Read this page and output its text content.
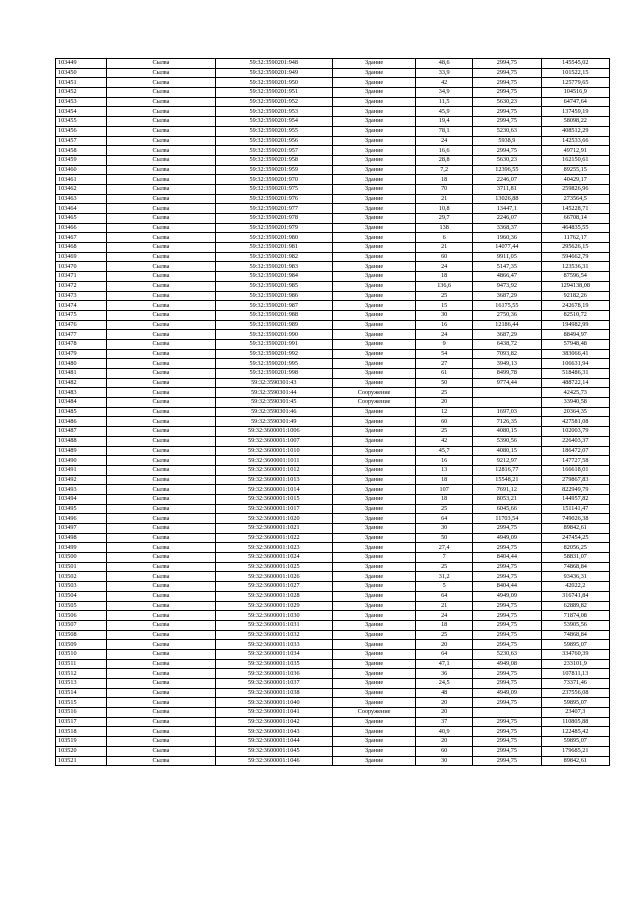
103449	Сылва	59:32:3590201:948	Здание	48,6	2994,75	145545,02
103450	Сылва	59:32:3590201:949	Здание	33,9	2994,75	101522,15
103451	Сылва	59:32:3590201:950	Здание	42	2994,75	125779,65
103452	Сылва	59:32:3590201:951	Здание	34,9	2994,75	104516,9
103453	Сылва	59:32:3590201:952	Здание	11,5	5630,23	64747,64
103454	Сылва	59:32:3590201:953	Здание	45,9	2994,75	137459,19
103455	Сылва	59:32:3590201:954	Здание	19,4	2994,75	58098,22
103456	Сылва	59:32:3590201:955	Здание	78,1	5230,63	408512,29
103457	Сылва	59:32:3590201:956	Здание	24	5938,9	142533,66
103458	Сылва	59:32:3590201:957	Здание	16,6	2994,75	49712,91
103459	Сылва	59:32:3590201:958	Здание	28,8	5630,23	162150,61
103460	Сылва	59:32:3590201:959	Здание	7,2	12396,55	89255,15
103461	Сылва	59:32:3590201:970	Здание	18	2246,07	40429,17
103462	Сылва	59:32:3590201:975	Здание	70	3711,81	259826,96
103463	Сылва	59:32:3590201:976	Здание	21	13026,88	273564,5
103464	Сылва	59:32:3590201:977	Здание	10,8	13447,1	145228,71
103465	Сылва	59:32:3590201:978	Здание	29,7	2246,07	66708,14
103466	Сылва	59:32:3590201:979	Здание	138	3368,37	464835,55
103467	Сылва	59:32:3590201:980	Здание	6	1960,36	11762,17
103468	Сылва	59:32:3590201:981	Здание	21	14077,44	295626,15
103469	Сылва	59:32:3590201:982	Здание	60	9911,05	594662,79
103470	Сылва	59:32:3590201:983	Здание	24	5147,35	123536,31
103471	Сылва	59:32:3590201:984	Здание	18	4866,47	87596,54
103472	Сылва	59:32:3590201:985	Здание	136,6	9473,92	1294138,08
103473	Сылва	59:32:3590201:986	Здание	25	3687,29	92182,26
103474	Сылва	59:32:3590201:987	Здание	15	16175,55	242678,19
103475	Сылва	59:32:3590201:988	Здание	30	2750,36	82510,72
103476	Сылва	59:32:3590201:989	Здание	16	12186,44	194982,99
103477	Сылва	59:32:3590201:990	Здание	24	3687,29	88494,97
103478	Сылва	59:32:3590201:991	Здание	9	6438,72	57948,48
103479	Сылва	59:32:3590201:992	Здание	54	7093,82	383066,41
103480	Сылва	59:32:3590201:995	Здание	27	3949,13	106631,94
103481	Сылва	59:32:3590201:998	Здание	61	8499,78	518486,31
103482	Сылва	59:32:3590301:43	Здание	50	9774,44	488722,14
103483	Сылва	59:32:3590301:44	Сооружение	25		42425,73
103484	Сылва	59:32:3590301:45	Сооружение	20		33940,58
103485	Сылва	59:32:3590301:46	Здание	12	1697,03	20364,35
103486	Сылва	59:32:3590301:49	Здание	60	7126,35	427581,08
103487	Сылва	59:32:3600001:1006	Здание	25	4080,15	102003,79
103488	Сылва	59:32:3600001:1007	Здание	42	5390,56	226403,37
103489	Сылва	59:32:3600001:1010	Здание	45,7	4080,15	186472,07
103490	Сылва	59:32:3600001:1011	Здание	16	9212,97	147727,58
103491	Сылва	59:32:3600001:1012	Здание	13	12816,77	166618,01
103492	Сылва	59:32:3600001:1013	Здание	18	15548,21	279867,83
103493	Сылва	59:32:3600001:1014	Здание	107	7691,12	822949,79
103494	Сылва	59:32:3600001:1015	Здание	18	8053,21	144957,82
103495	Сылва	59:32:3600001:1017	Здание	25	6045,66	151141,47
103496	Сылва	59:32:3600001:1020	Здание	64	11703,54	749026,38
103497	Сылва	59:32:3600001:1021	Здание	30	2994,75	89842,61
103498	Сылва	59:32:3600001:1022	Здание	50	4949,09	247454,25
103499	Сылва	59:32:3600001:1023	Здание	27,4	2994,75	82056,25
103500	Сылва	59:32:3600001:1024	Здание	7	8404,44	58831,07
103501	Сылва	59:32:3600001:1025	Здание	25	2994,75	74868,84
103502	Сылва	59:32:3600001:1026	Здание	31,2	2994,75	93436,31
103503	Сылва	59:32:3600001:1027	Здание	5	8404,44	42022,2
103504	Сылва	59:32:3600001:1028	Здание	64	4949,09	316741,84
103505	Сылва	59:32:3600001:1029	Здание	21	2994,75	62889,82
103506	Сылва	59:32:3600001:1030	Здание	24	2994,75	71874,08
103507	Сылва	59:32:3600001:1031	Здание	18	2994,75	53905,56
103508	Сылва	59:32:3600001:1032	Здание	25	2994,75	74868,84
103509	Сылва	59:32:3600001:1033	Здание	20	2994,75	59895,07
103510	Сылва	59:32:3600001:1034	Здание	64	5230,63	334760,39
103511	Сылва	59:32:3600001:1035	Здание	47,1	4949,08	233101,9
103512	Сылва	59:32:3600001:1036	Здание	36	2994,75	107811,13
103513	Сылва	59:32:3600001:1037	Здание	24,5	2994,75	73371,46
103514	Сылва	59:32:3600001:1038	Здание	48	4949,09	237556,08
103515	Сылва	59:32:3600001:1040	Здание	20	2994,75	59895,07
103516	Сылва	59:32:3600001:1041	Сооружение	20		23407,3
103517	Сылва	59:32:3600001:1042	Здание	37	2994,75	110805,88
103518	Сылва	59:32:3600001:1043	Здание	40,9	2994,75	122485,42
103519	Сылва	59:32:3600001:1044	Здание	20	2994,75	59895,07
103520	Сылва	59:32:3600001:1045	Здание	60	2994,75	179685,21
103521	Сылва	59:32:3600001:1046	Здание	30	2994,75	89842,61
